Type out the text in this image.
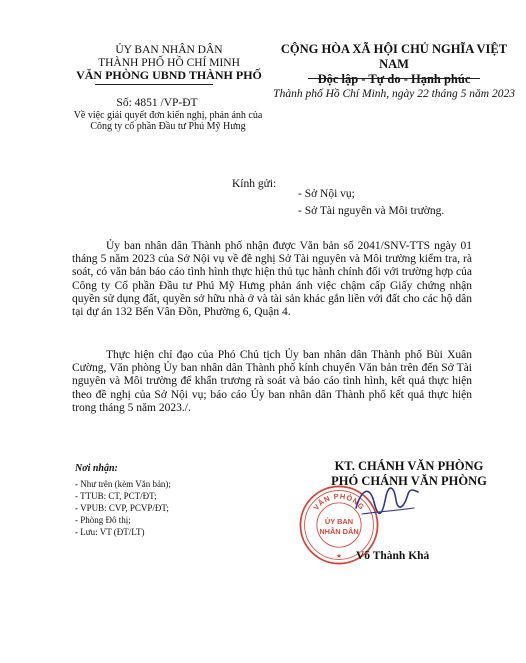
ỦY BAN NHÂN DÂN
THÀNH PHỐ HỒ CHÍ MINH
VĂN PHÒNG UBND THÀNH PHỐ
CỘNG HÒA XÃ HỘI CHỦ NGHĨA VIỆT NAM
Độc lập - Tự do - Hạnh phúc
Số: 4851 /VP-ĐT
Về việc giải quyết đơn kiến nghị, phản ánh của
Công ty cổ phần Đầu tư Phú Mỹ Hưng
Thành phố Hồ Chí Minh, ngày 22 tháng 5 năm 2023
Kính gửi:
- Sở Nội vụ;
- Sở Tài nguyên và Môi trường.
Ủy ban nhân dân Thành phố nhận được Văn bản số 2041/SNV-TTS ngày 01 tháng 5 năm 2023 của Sở Nội vụ về đề nghị Sở Tài nguyên và Môi trường kiểm tra, rà soát, có văn bản báo cáo tình hình thực hiện thủ tục hành chính đối với trường hợp của Công ty Cổ phần Đầu tư Phú Mỹ Hưng phản ánh việc chậm cấp Giấy chứng nhận quyền sử dụng đất, quyền sở hữu nhà ở và tài sản khác gắn liền với đất cho các hộ dân tại dự án 132 Bến Vân Đồn, Phường 6, Quận 4.
Thực hiện chỉ đạo của Phó Chủ tịch Ủy ban nhân dân Thành phố Bùi Xuân Cường, Văn phòng Ủy ban nhân dân Thành phố kính chuyển Văn bản trên đến Sở Tài nguyên và Môi trường để khẩn trương rà soát và báo cáo tình hình, kết quả thực hiện theo đề nghị của Sở Nội vụ; báo cáo Ủy ban nhân dân Thành phố kết quả thực hiện trong tháng 5 năm 2023./.
Nơi nhận:
- Như trên (kèm Văn bản);
- TTUB: CT, PCT/ĐT;
- VPUB: CVP, PCVP/ĐT;
- Phòng Đô thị;
- Lưu: VT (ĐT/LT)
KT. CHÁNH VĂN PHÒNG
PHÓ CHÁNH VĂN PHÒNG
VĂN PHÒNG
ỦY BAN
NHÂN DÂN
★ Võ Thành Khả
